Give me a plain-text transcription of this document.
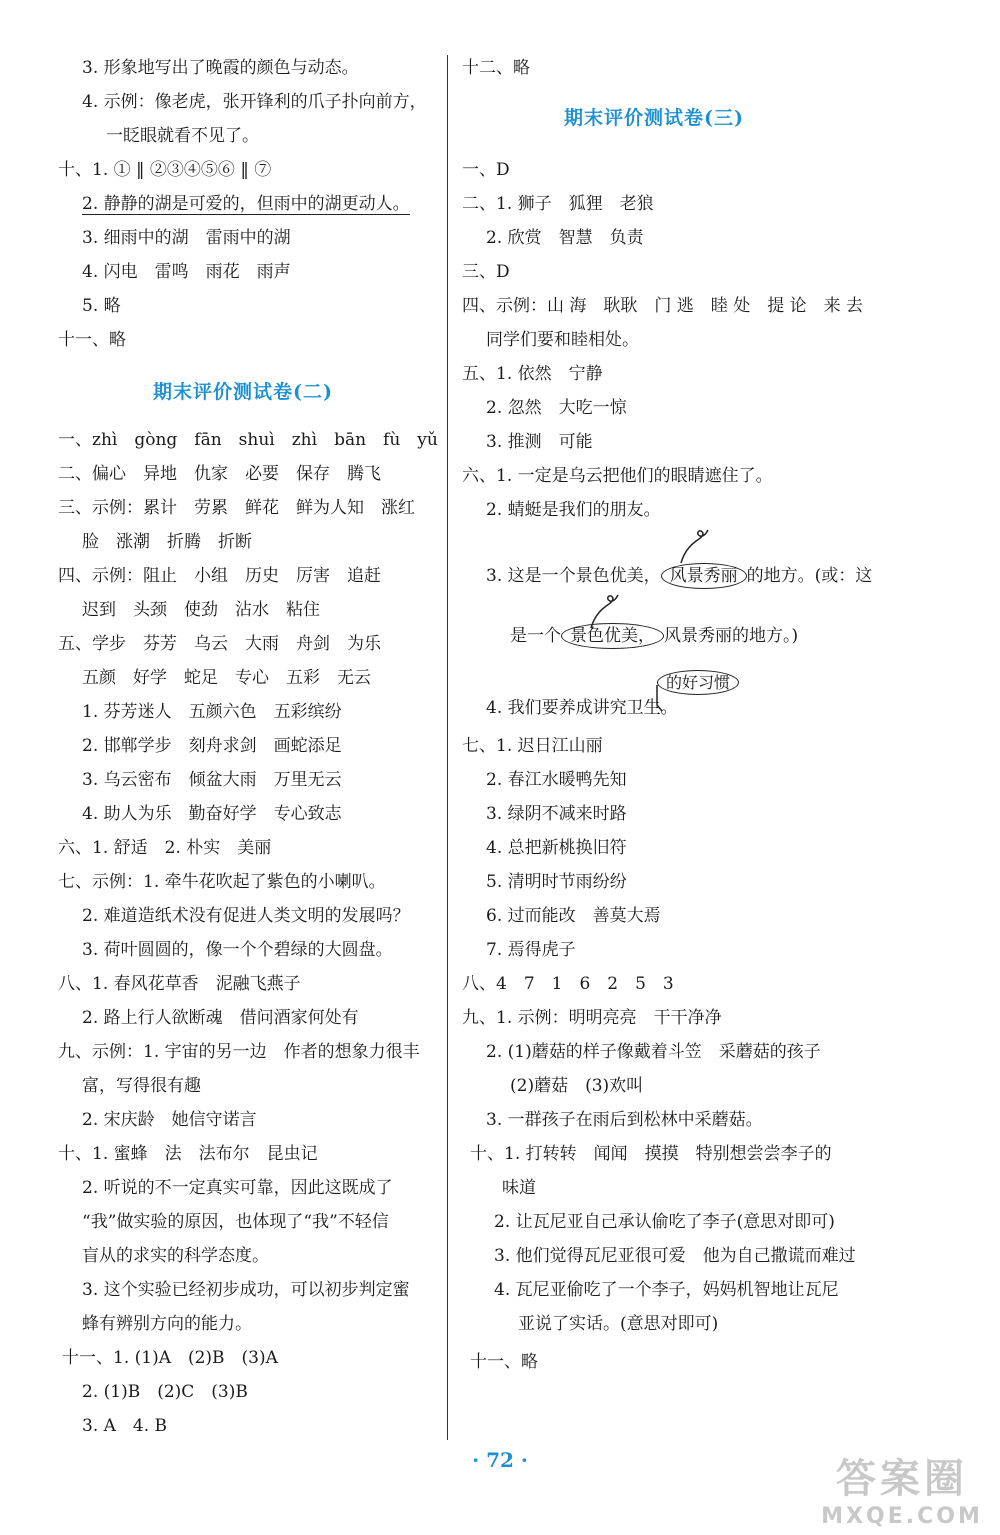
3. 形象地写出了晚霞的颜色与动态。
4. 示例：像老虎，张开锋利的爪子扑向前方，
一眨眼就看不见了。
十、1. ① ‖ ②③④⑤⑥ ‖ ⑦
2. 静静的湖是可爱的，但雨中的湖更动人。
3. 细雨中的湖　雷雨中的湖
4. 闪电　雷鸣　雨花　雨声
5. 略
十一、略
期末评价测试卷(二)
一、zhì　gòng　fān　shuì　zhì　bān　fù　yǔ
二、偏心　异地　仇家　必要　保存　腾飞
三、示例：累计　劳累　鲜花　鲜为人知　涨红
脸　涨潮　折腾　折断
四、示例：阻止　小组　历史　厉害　追赶
迟到　头颈　使劲　沾水　粘住
五、学步　芬芳　乌云　大雨　舟剑　为乐
五颜　好学　蛇足　专心　五彩　无云
1. 芬芳迷人　五颜六色　五彩缤纷
2. 邯郸学步　刻舟求剑　画蛇添足
3. 乌云密布　倾盆大雨　万里无云
4. 助人为乐　勤奋好学　专心致志
六、1. 舒适　2. 朴实　美丽
七、示例：1. 牵牛花吹起了紫色的小喇叭。
2. 难道造纸术没有促进人类文明的发展吗？
3. 荷叶圆圆的，像一个个碧绿的大圆盘。
八、1. 春风花草香　泥融飞燕子
2. 路上行人欲断魂　借问酒家何处有
九、示例：1. 宇宙的另一边　作者的想象力很丰
富，写得很有趣
2. 宋庆龄　她信守诺言
十、1. 蜜蜂　法　法布尔　昆虫记
2. 听说的不一定真实可靠，因此这既成了
“我”做实验的原因，也体现了“我”不轻信
盲从的求实的科学态度。
3. 这个实验已经初步成功，可以初步判定蜜
蜂有辨别方向的能力。
十一、1. (1)A　(2)B　(3)A
2. (1)B　(2)C　(3)B
3. A　4. B
十二、略
期末评价测试卷(三)
一、D
二、1. 狮子　狐狸　老狼
2. 欣赏　智慧　负责
三、D
四、示例：山 海　耿耿　门 逃　睦 处　提 论　来 去
同学们要和睦相处。
五、1. 依然　宁静
2. 忽然　大吃一惊
3. 推测　可能
六、1. 一定是乌云把他们的眼睛遮住了。
2. 蜻蜓是我们的朋友。
3. 这是一个景色优美， 风景秀丽 的地方。(或：这
是一个 景色优美， 风景秀丽的地方。)
的好习惯
4. 我们要养成讲究卫生。
七、1. 迟日江山丽
2. 春江水暖鸭先知
3. 绿阴不减来时路
4. 总把新桃换旧符
5. 清明时节雨纷纷
6. 过而能改　善莫大焉
7. 焉得虎子
八、4　7　1　6　2　5　3
九、1. 示例：明明亮亮　干干净净
2. (1)蘑菇的样子像戴着斗笠　采蘑菇的孩子
(2)蘑菇　(3)欢叫
3. 一群孩子在雨后到松林中采蘑菇。
十、1. 打转转　闻闻　摸摸　特别想尝尝李子的
味道
2. 让瓦尼亚自己承认偷吃了李子(意思对即可)
3. 他们觉得瓦尼亚很可爱　他为自己撒谎而难过
4. 瓦尼亚偷吃了一个李子，妈妈机智地让瓦尼
亚说了实话。(意思对即可)
十一、略
· 72 ·	答案圈
MXQE.COM
